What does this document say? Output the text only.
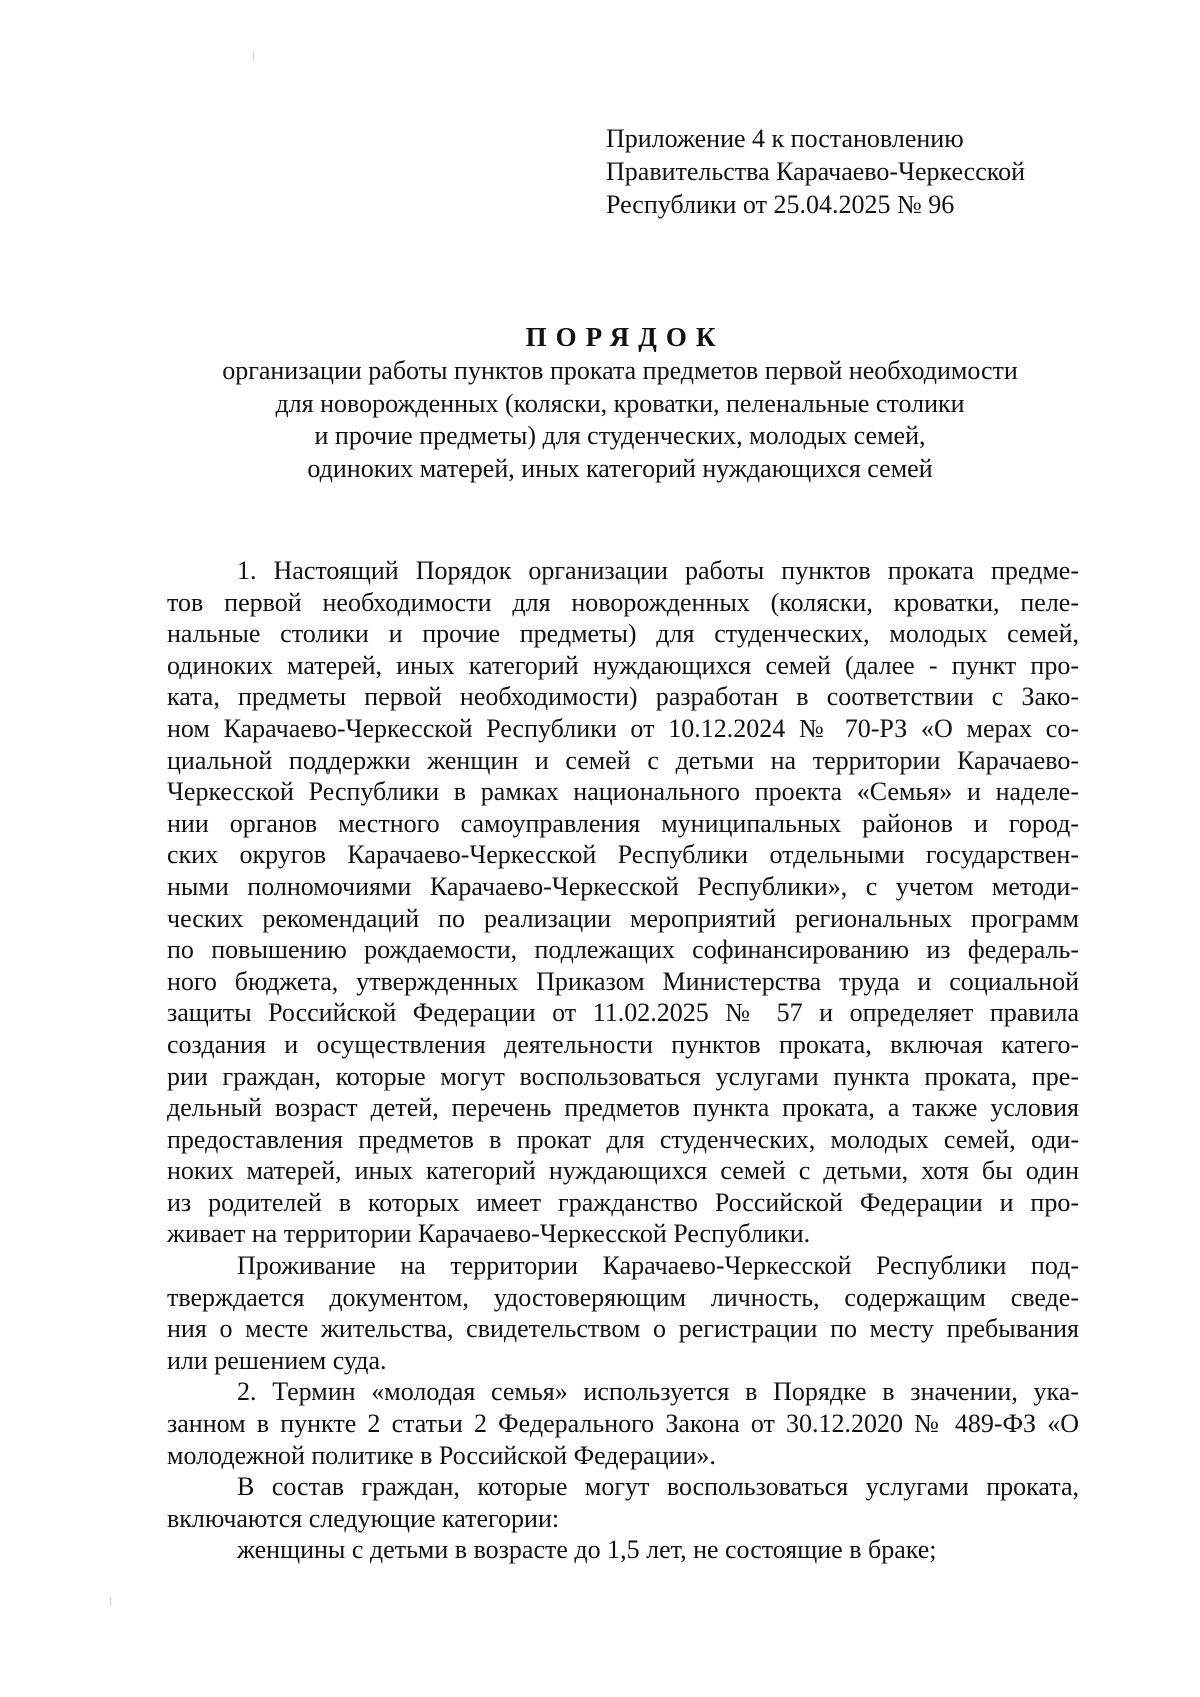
Приложение 4 к постановлению
Правительства Карачаево-Черкесской
Республики от 25.04.2025 № 96
ПОРЯДОК
организации работы пунктов проката предметов первой необходимости
для новорожденных (коляски, кроватки, пеленальные столики
и прочие предметы) для студенческих, молодых семей,
одиноких матерей, иных категорий нуждающихся семей
1. Настоящий Порядок организации работы пунктов проката предме-
тов первой необходимости для новорожденных (коляски, кроватки, пеле-
нальные столики и прочие предметы) для студенческих, молодых семей,
одиноких матерей, иных категорий нуждающихся семей (далее - пункт про-
ката, предметы первой необходимости) разработан в соответствии с Зако-
ном Карачаево-Черкесской Республики от 10.12.2024 № 70-РЗ «О мерах со-
циальной поддержки женщин и семей с детьми на территории Карачаево-
Черкесской Республики в рамках национального проекта «Семья» и наделе-
нии органов местного самоуправления муниципальных районов и город-
ских округов Карачаево-Черкесской Республики отдельными государствен-
ными полномочиями Карачаево-Черкесской Республики», с учетом методи-
ческих рекомендаций по реализации мероприятий региональных программ
по повышению рождаемости, подлежащих софинансированию из федераль-
ного бюджета, утвержденных Приказом Министерства труда и социальной
защиты Российской Федерации от 11.02.2025 № 57 и определяет правила
создания и осуществления деятельности пунктов проката, включая катего-
рии граждан, которые могут воспользоваться услугами пункта проката, пре-
дельный возраст детей, перечень предметов пункта проката, а также условия
предоставления предметов в прокат для студенческих, молодых семей, оди-
ноких матерей, иных категорий нуждающихся семей с детьми, хотя бы один
из родителей в которых имеет гражданство Российской Федерации и про-
живает на территории Карачаево-Черкесской Республики.
Проживание на территории Карачаево-Черкесской Республики под-
тверждается документом, удостоверяющим личность, содержащим сведе-
ния о месте жительства, свидетельством о регистрации по месту пребывания
или решением суда.
2. Термин «молодая семья» используется в Порядке в значении, ука-
занном в пункте 2 статьи 2 Федерального Закона от 30.12.2020 № 489-ФЗ «О
молодежной политике в Российской Федерации».
В состав граждан, которые могут воспользоваться услугами проката,
включаются следующие категории:
женщины с детьми в возрасте до 1,5 лет, не состоящие в браке;
